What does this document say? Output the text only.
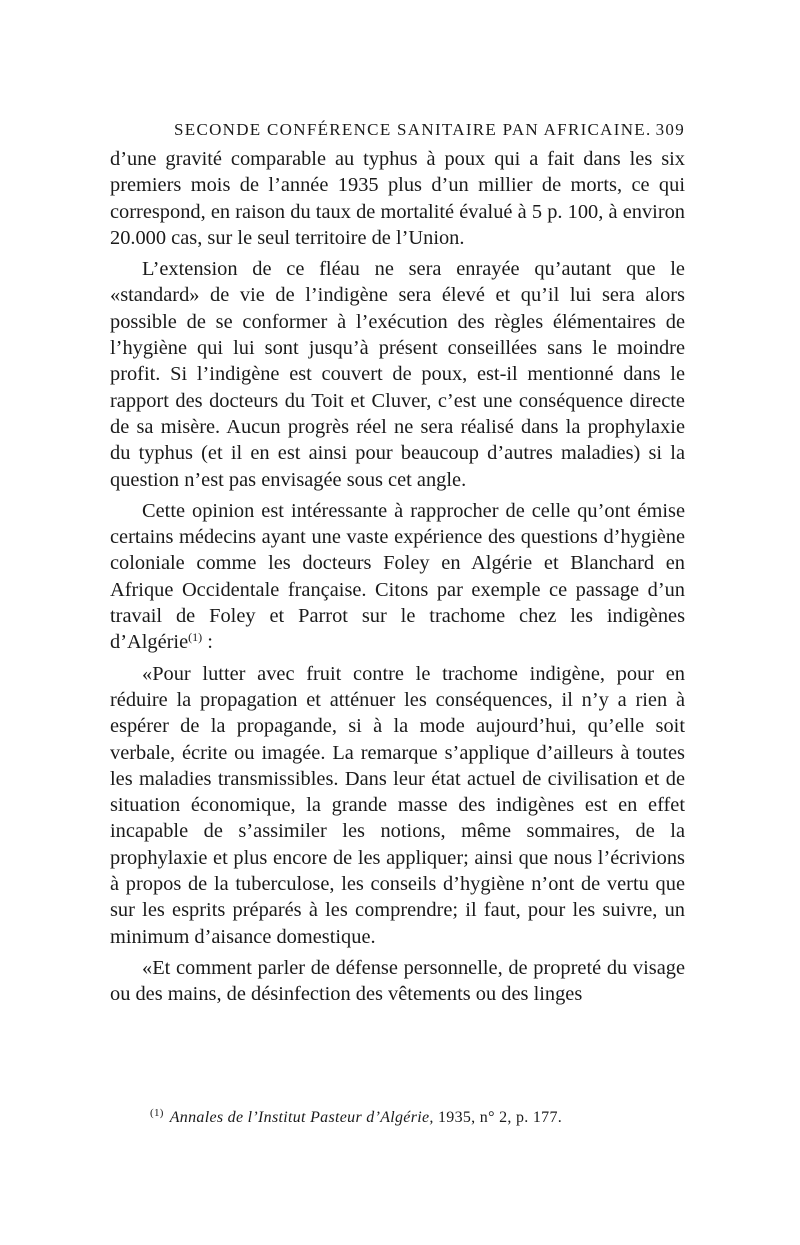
SECONDE CONFÉRENCE SANITAIRE PAN AFRICAINE. 309

d’une gravité comparable au typhus à poux qui a fait dans les six premiers mois de l’année 1935 plus d’un millier de morts, ce qui correspond, en raison du taux de mortalité évalué à 5 p. 100, à environ 20.000 cas, sur le seul territoire de l’Union.

L’extension de ce fléau ne sera enrayée qu’autant que le «standard» de vie de l’indigène sera élevé et qu’il lui sera alors possible de se conformer à l’exécution des règles élémentaires de l’hygiène qui lui sont jusqu’à présent conseillées sans le moindre profit. Si l’indigène est couvert de poux, est-il mentionné dans le rapport des docteurs du Toit et Cluver, c’est une conséquence directe de sa misère. Aucun progrès réel ne sera réalisé dans la prophylaxie du typhus (et il en est ainsi pour beaucoup d’autres maladies) si la question n’est pas envisagée sous cet angle.

Cette opinion est intéressante à rapprocher de celle qu’ont émise certains médecins ayant une vaste expérience des questions d’hygiène coloniale comme les docteurs Foley en Algérie et Blanchard en Afrique Occidentale française. Citons par exemple ce passage d’un travail de Foley et Parrot sur le trachome chez les indigènes d’Algérie$^{(1)}$ :

«Pour lutter avec fruit contre le trachome indigène, pour en réduire la propagation et atténuer les conséquences, il n’y a rien à espérer de la propagande, si à la mode aujourd’hui, qu’elle soit verbale, écrite ou imagée. La remarque s’applique d’ailleurs à toutes les maladies transmissibles. Dans leur état actuel de civilisation et de situation économique, la grande masse des indigènes est en effet incapable de s’assimiler les notions, même sommaires, de la prophylaxie et plus encore de les appliquer; ainsi que nous l’écrivions à propos de la tuberculose, les conseils d’hygiène n’ont de vertu que sur les esprits préparés à les comprendre; il faut, pour les suivre, un minimum d’aisance domestique.

«Et comment parler de défense personnelle, de propreté du visage ou des mains, de désinfection des vêtements ou des linges

$^{(1)}$ Annales de l’Institut Pasteur d’Algérie, 1935, n° 2, p. 177.
